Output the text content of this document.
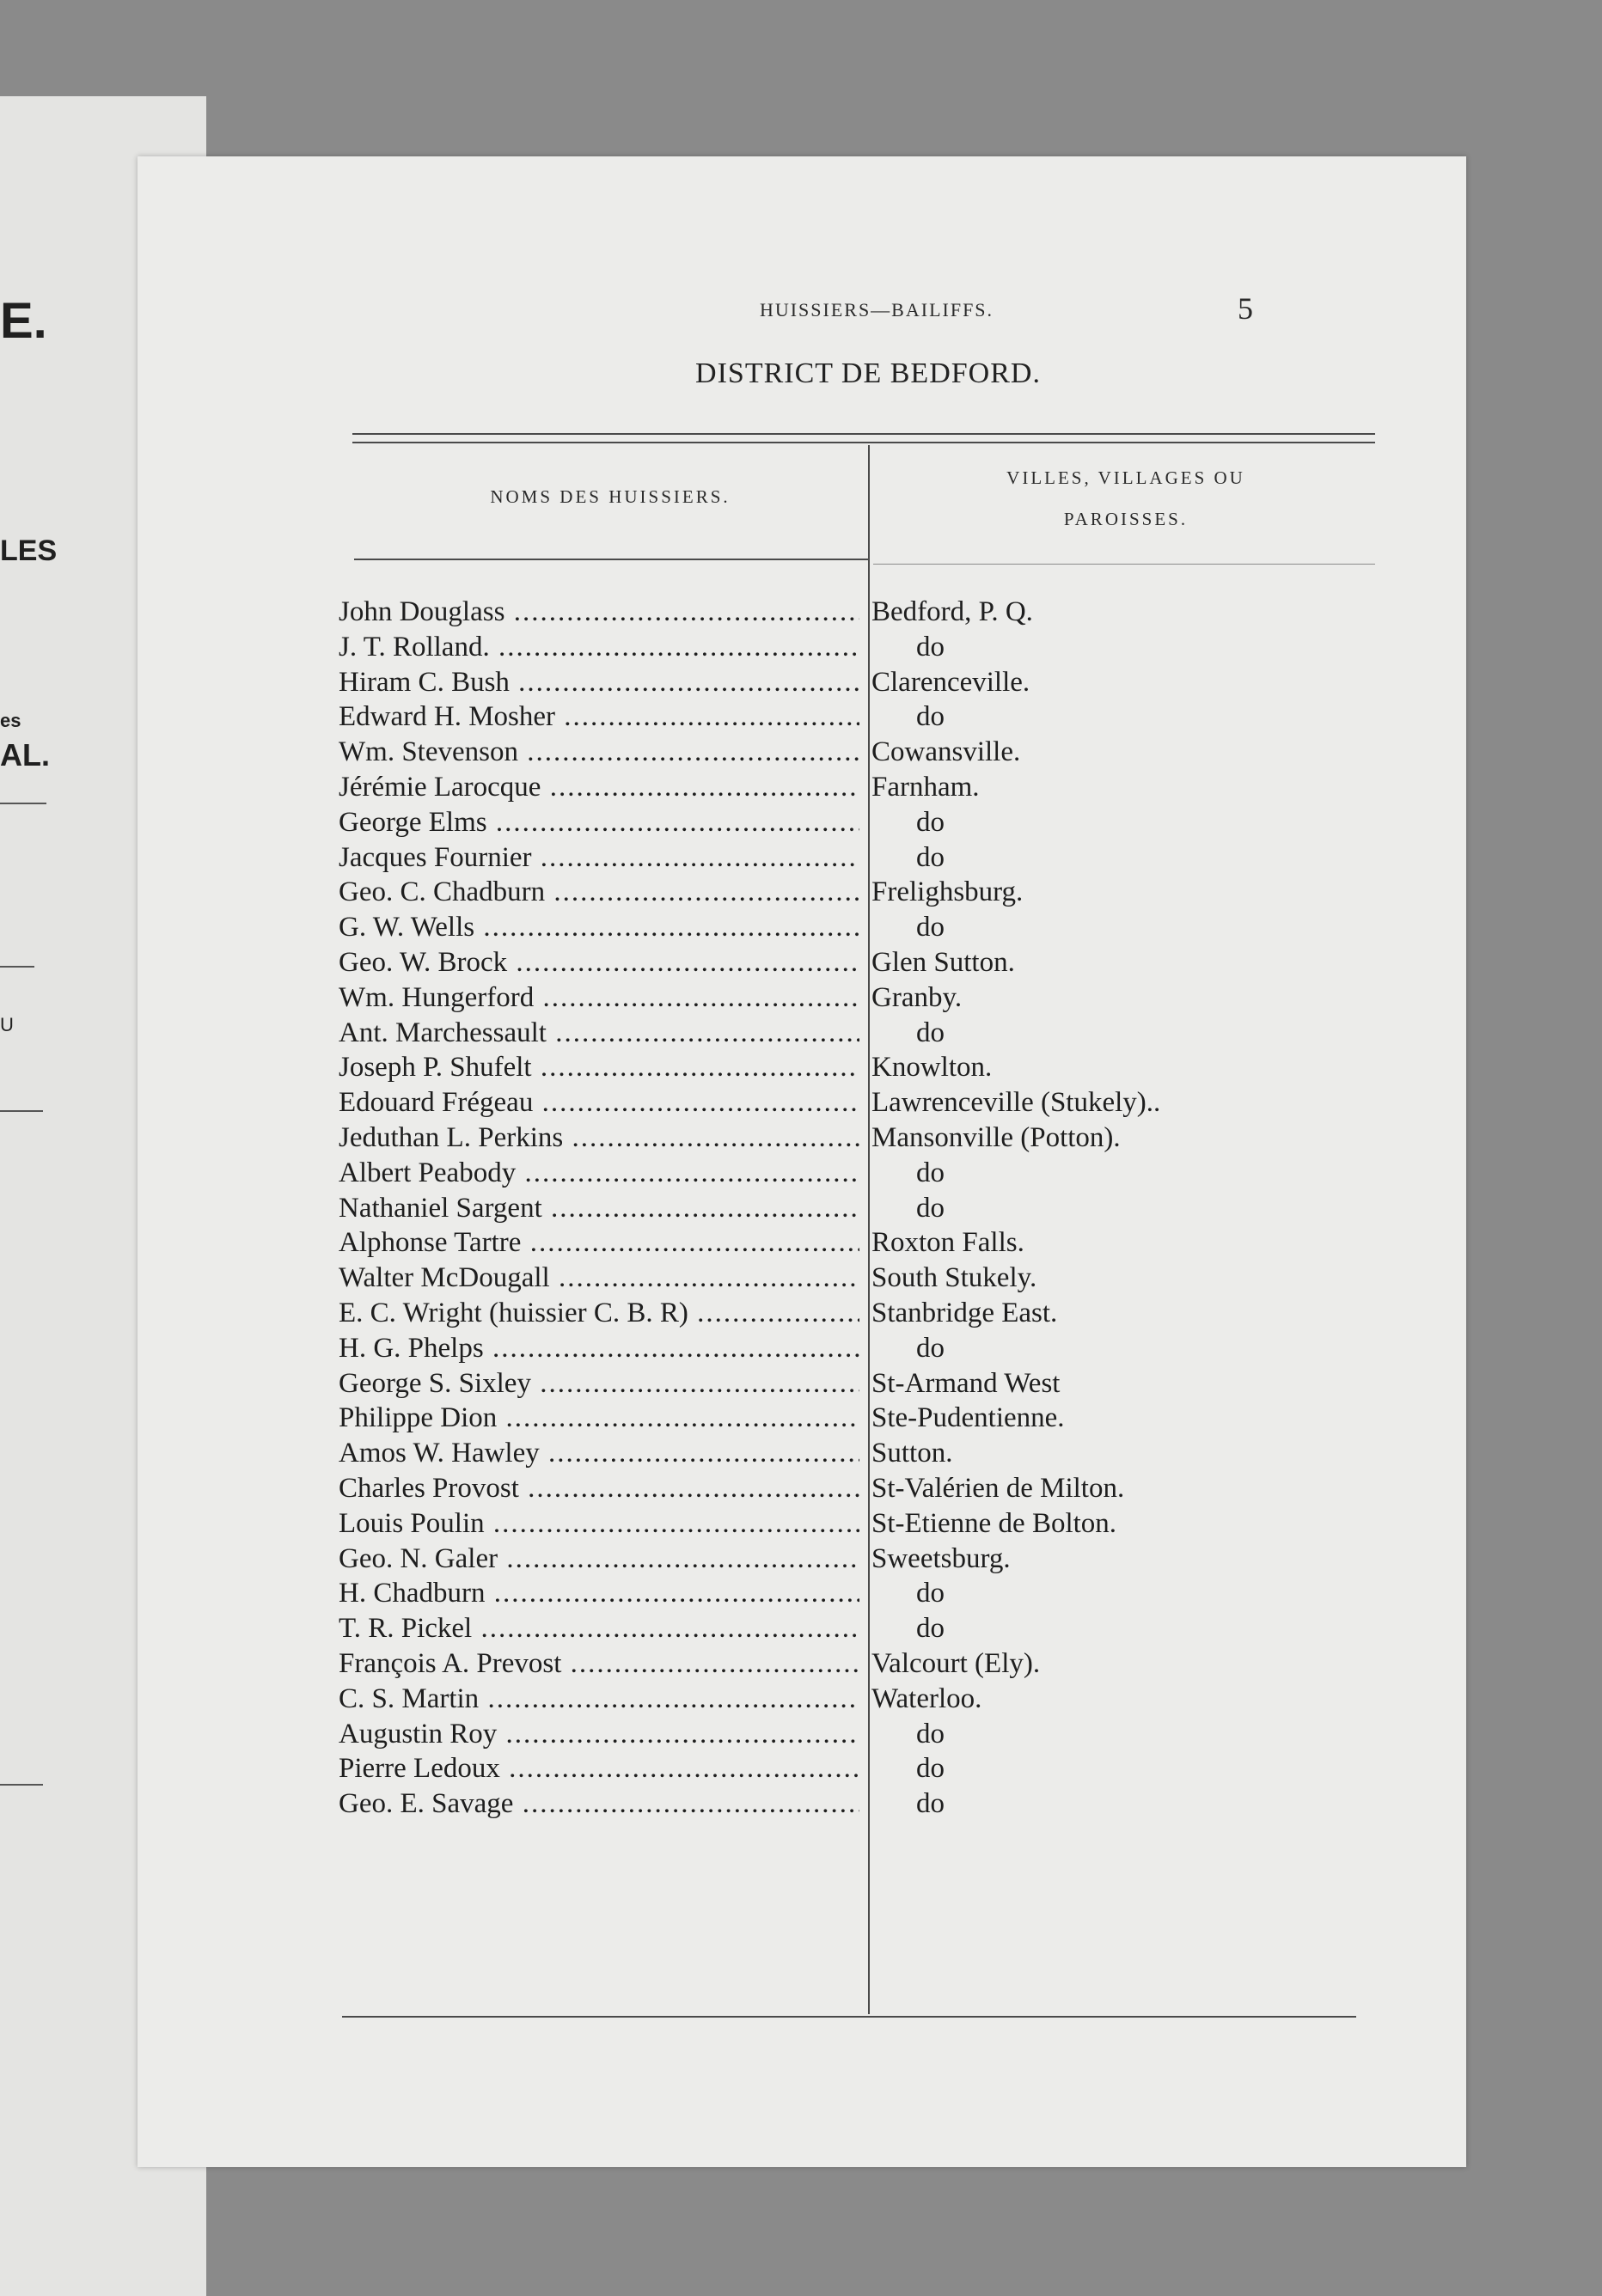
E.
LES
es
AL.
U
HUISSIERS—BAILIFFS.	5
DISTRICT DE BEDFORD.
NOMS DES HUISSIERS.
VILLES, VILLAGES OU
PAROISSES.
John Douglass .....	Bedford, P. Q.
J. T. Rolland. .....	do
Hiram C. Bush .....	Clarenceville.
Edward H. Mosher .....	do
Wm. Stevenson .....	Cowansville.
Jérémie Larocque .....	Farnham.
George Elms .....	do
Jacques Fournier .....	do
Geo. C. Chadburn .....	Frelighsburg.
G. W. Wells .....	do
Geo. W. Brock .....	Glen Sutton.
Wm. Hungerford .....	Granby.
Ant. Marchessault .....	do
Joseph P. Shufelt .....	Knowlton.
Edouard Frégeau .....	Lawrenceville (Stukely)..
Jeduthan L. Perkins .....	Mansonville (Potton).
Albert Peabody .....	do
Nathaniel Sargent .....	do
Alphonse Tartre .....	Roxton Falls.
Walter McDougall .....	South Stukely.
E. C. Wright (huissier C. B. R) .....	Stanbridge East.
H. G. Phelps .....	do
George S. Sixley .....	St-Armand West
Philippe Dion .....	Ste-Pudentienne.
Amos W. Hawley .....	Sutton.
Charles Provost .....	St-Valérien de Milton.
Louis Poulin .....	St-Etienne de Bolton.
Geo. N. Galer .....	Sweetsburg.
H. Chadburn .....	do
T. R. Pickel .....	do
François A. Prevost .....	Valcourt (Ely).
C. S. Martin .....	Waterloo.
Augustin Roy .....	do
Pierre Ledoux .....	do
Geo. E. Savage .....	do
